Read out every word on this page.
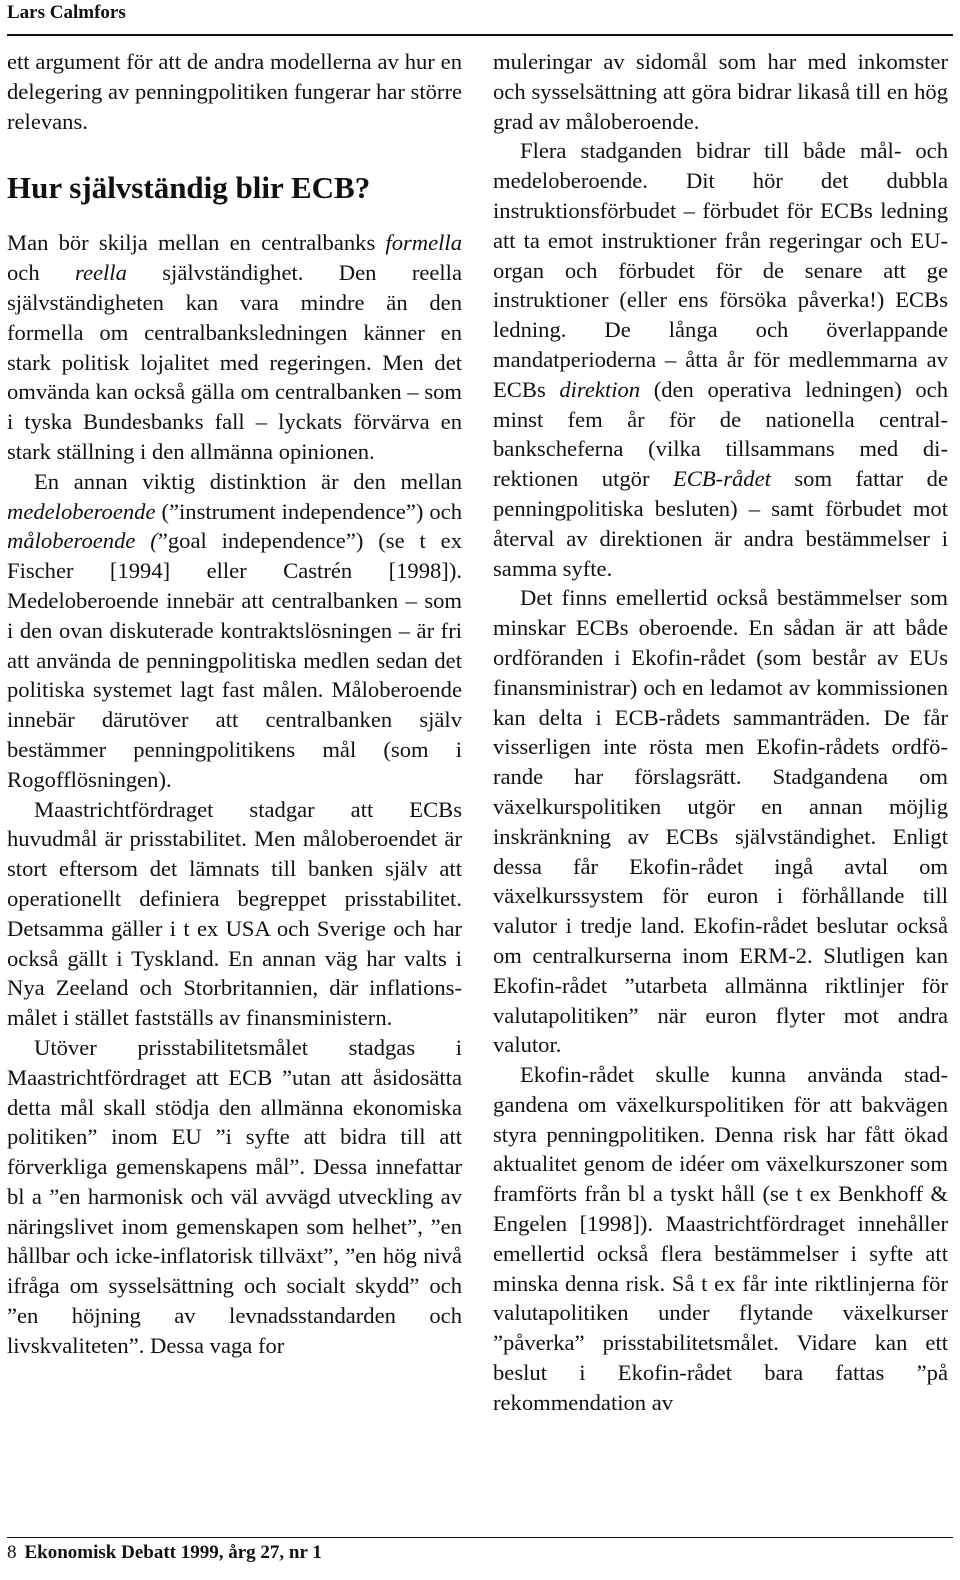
Lars Calmfors

ett argument för att de andra modellerna av hur en delegering av penningpolitiken fungerar har större relevans.

Hur självständig blir ECB?

Man bör skilja mellan en centralbanks formella och reella självständighet. Den reella självständigheten kan vara mindre än den formella om centralbanksledningen känner en stark politisk lojalitet med regeringen. Men det omvända kan också gälla om centralbanken – som i tyska Bundesbanks fall – lyckats förvärva en stark ställning i den allmänna opinionen.

En annan viktig distinktion är den mellan medeloberoende (”instrument independence”) och måloberoende (”goal independence”) (se t ex Fischer [1994] eller Castrén [1998]). Medeloberoende innebär att centralbanken – som i den ovan diskuterade kontraktslösningen – är fri att använda de penningpolitiska medlen sedan det politiska systemet lagt fast målen. Måloberoende innebär därutöver att centralbanken själv bestämmer penningpolitikens mål (som i Rogofflösningen).

Maastrichtfördraget stadgar att ECBs huvudmål är prisstabilitet. Men måloberoendet är stort eftersom det lämnats till banken själv att operationellt definiera begreppet prisstabilitet. Detsamma gäller i t ex USA och Sverige och har också gällt i Tyskland. En annan väg har valts i Nya Zeeland och Storbritannien, där inflationsmålet i stället fastställs av finansministern.

Utöver prisstabilitetsmålet stadgas i Maastrichtfördraget att ECB ”utan att åsidosätta detta mål skall stödja den allmänna ekonomiska politiken” inom EU ”i syfte att bidra till att förverkliga gemenskapens mål”. Dessa innefattar bl a ”en harmonisk och väl avvägd utveckling av näringslivet inom gemenskapen som helhet”, ”en hållbar och icke-inflatorisk tillväxt”, ”en hög nivå ifråga om sysselsättning och socialt skydd” och ”en höjning av levnadsstandarden och livskvaliteten”. Dessa vaga for

muleringar av sidomål som har med inkomster och sysselsättning att göra bidrar likaså till en hög grad av måloberoende.

Flera stadganden bidrar till både mål- och medeloberoende. Dit hör det dubbla instruktionsförbudet – förbudet för ECBs ledning att ta emot instruktioner från regeringar och EU-organ och förbudet för de senare att ge instruktioner (eller ens försöka påverka!) ECBs ledning. De långa och överlappande mandatperioderna – åtta år för medlemmarna av ECBs direktion (den operativa ledningen) och minst fem år för de nationella centralbankscheferna (vilka tillsammans med direktionen utgör ECB-rådet som fattar de penningpolitiska besluten) – samt förbudet mot återval av direktionen är andra bestämmelser i samma syfte.

Det finns emellertid också bestämmelser som minskar ECBs oberoende. En sådan är att både ordföranden i Ekofin-rådet (som består av EUs finansministrar) och en ledamot av kommissionen kan delta i ECB-rådets sammanträden. De får visserligen inte rösta men Ekofin-rådets ordförande har förslagsrätt. Stadgandena om växelkurspolitiken utgör en annan möjlig inskränkning av ECBs självständighet. Enligt dessa får Ekofin-rådet ingå avtal om växelkurssystem för euron i förhållande till valutor i tredje land. Ekofin-rådet beslutar också om centralkurserna inom ERM-2. Slutligen kan Ekofin-rådet ”utarbeta allmänna riktlinjer för valutapolitiken” när euron flyter mot andra valutor.

Ekofin-rådet skulle kunna använda stadgandena om växelkurspolitiken för att bakvägen styra penningpolitiken. Denna risk har fått ökad aktualitet genom de idéer om växelkurszoner som framförts från bl a tyskt håll (se t ex Benkhoff & Engelen [1998]). Maastrichtfördraget innehåller emellertid också flera bestämmelser i syfte att minska denna risk. Så t ex får inte riktlinjerna för valutapolitiken under flytande växelkurser ”påverka” prisstabilitetsmålet. Vidare kan ett beslut i Ekofin-rådet bara fattas ”på rekommendation av

8 Ekonomisk Debatt 1999, årg 27, nr 1
